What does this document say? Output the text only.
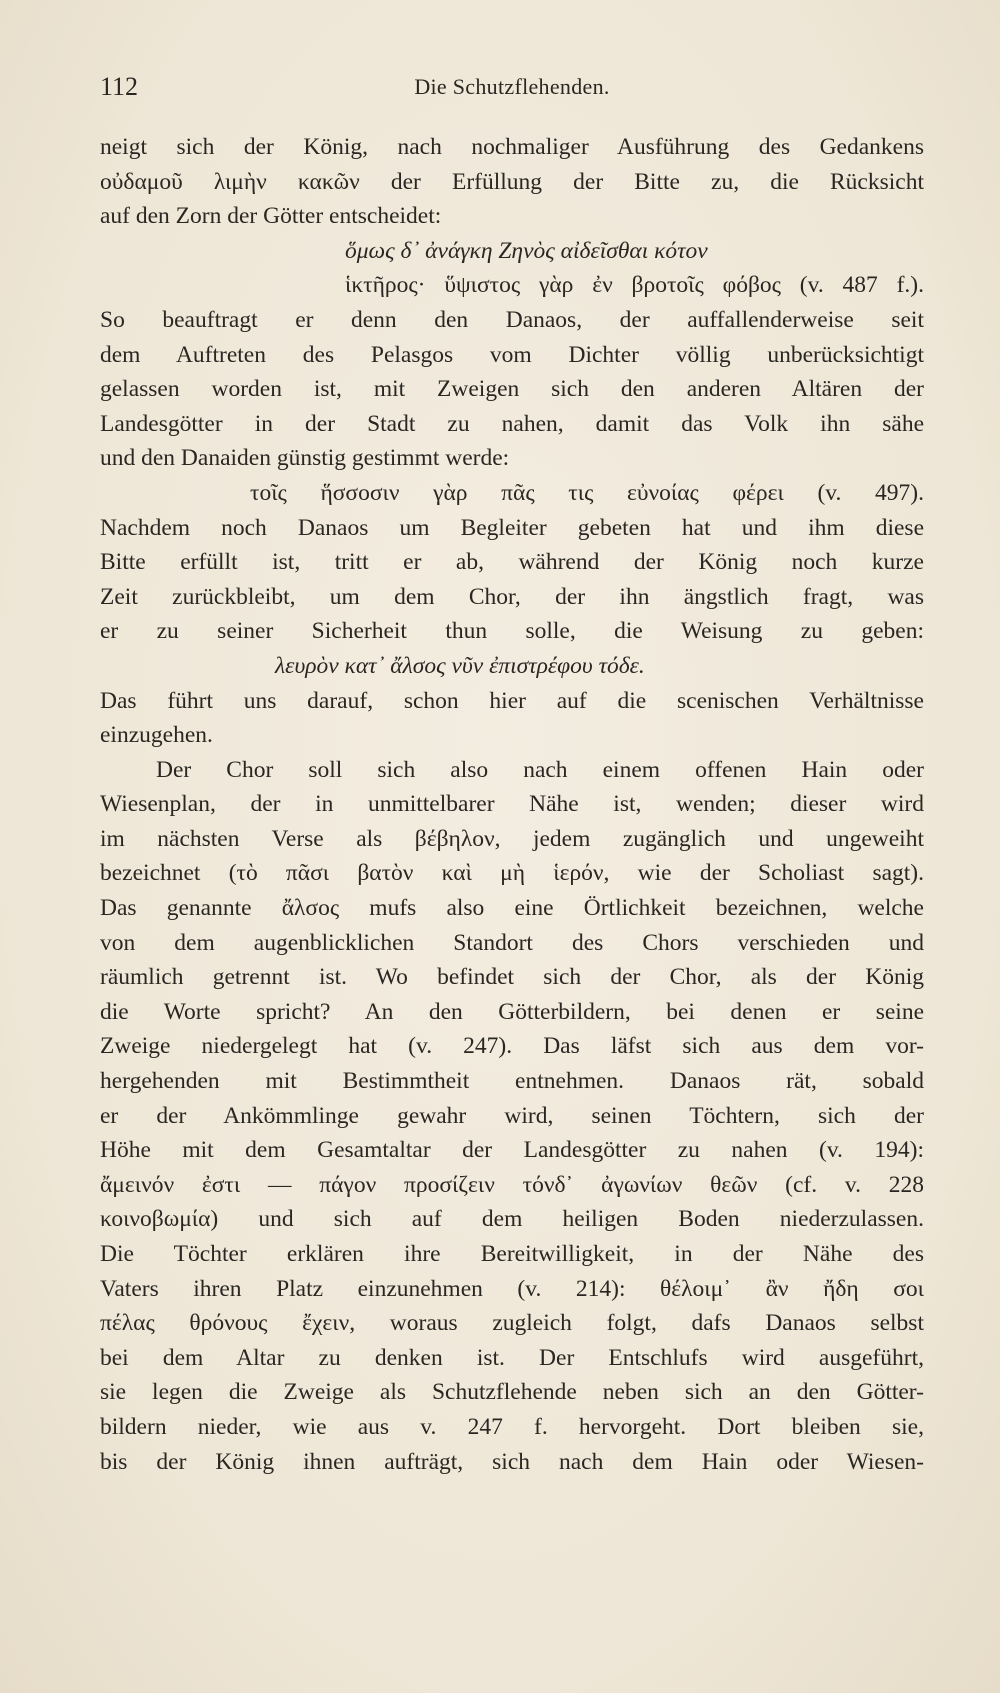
112	Die Schutzflehenden.
neigt sich der König, nach nochmaliger Ausführung des Gedankens
οὐδαμοῦ λιμὴν κακῶν der Erfüllung der Bitte zu, die Rücksicht
auf den Zorn der Götter entscheidet:
ὅμως δ᾽ ἀνάγκη Ζηνὸς αἰδεῖσθαι κότον
ἱκτῆρος· ὕψιστος γὰρ ἐν βροτοῖς φόβος (v. 487 f.).
So beauftragt er denn den Danaos, der auffallenderweise seit
dem Auftreten des Pelasgos vom Dichter völlig unberücksichtigt
gelassen worden ist, mit Zweigen sich den anderen Altären der
Landesgötter in der Stadt zu nahen, damit das Volk ihn sähe
und den Danaiden günstig gestimmt werde:
τοῖς ἥσσοσιν γὰρ πᾶς τις εὐνοίας φέρει (v. 497).
Nachdem noch Danaos um Begleiter gebeten hat und ihm diese
Bitte erfüllt ist, tritt er ab, während der König noch kurze
Zeit zurückbleibt, um dem Chor, der ihn ängstlich fragt, was
er zu seiner Sicherheit thun solle, die Weisung zu geben:
λευρὸν κατ᾽ ἄλσος νῦν ἐπιστρέφου τόδε.
Das führt uns darauf, schon hier auf die scenischen Verhältnisse
einzugehen.
Der Chor soll sich also nach einem offenen Hain oder
Wiesenplan, der in unmittelbarer Nähe ist, wenden; dieser wird
im nächsten Verse als βέβηλον, jedem zugänglich und ungeweiht
bezeichnet (τὸ πᾶσι βατὸν καὶ μὴ ἱερόν, wie der Scholiast sagt).
Das genannte ἄλσος mufs also eine Örtlichkeit bezeichnen, welche
von dem augenblicklichen Standort des Chors verschieden und
räumlich getrennt ist. Wo befindet sich der Chor, als der König
die Worte spricht? An den Götterbildern, bei denen er seine
Zweige niedergelegt hat (v. 247). Das läfst sich aus dem vor-
hergehenden mit Bestimmtheit entnehmen. Danaos rät, sobald
er der Ankömmlinge gewahr wird, seinen Töchtern, sich der
Höhe mit dem Gesamtaltar der Landesgötter zu nahen (v. 194):
ἄμεινόν ἐστι — πάγον προσίζειν τόνδ᾽ ἀγωνίων θεῶν (cf. v. 228
κοινοβωμία) und sich auf dem heiligen Boden niederzulassen.
Die Töchter erklären ihre Bereitwilligkeit, in der Nähe des
Vaters ihren Platz einzunehmen (v. 214): θέλοιμ᾽ ἂν ἤδη σοι
πέλας θρόνους ἔχειν, woraus zugleich folgt, dafs Danaos selbst
bei dem Altar zu denken ist. Der Entschlufs wird ausgeführt,
sie legen die Zweige als Schutzflehende neben sich an den Götter-
bildern nieder, wie aus v. 247 f. hervorgeht. Dort bleiben sie,
bis der König ihnen aufträgt, sich nach dem Hain oder Wiesen-
